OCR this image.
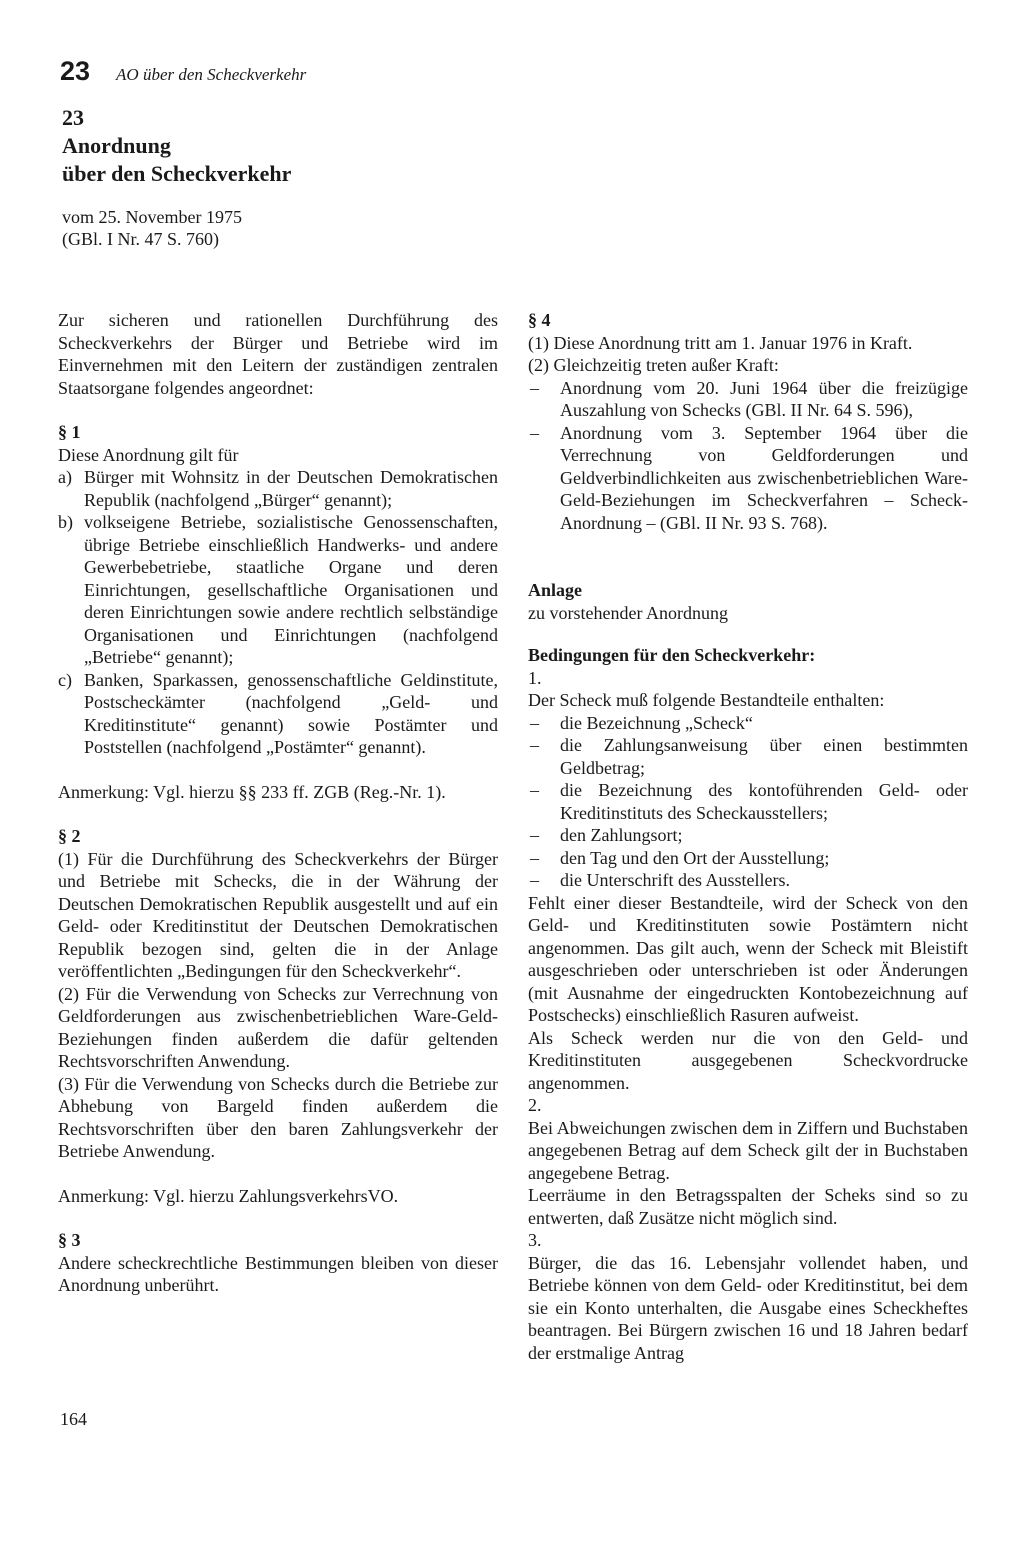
23 AO über den Scheckverkehr
23
Anordnung
über den Scheckverkehr
vom 25. November 1975
(GBl. I Nr. 47 S. 760)

Zur sicheren und rationellen Durchführung des Scheckverkehrs der Bürger und Betriebe wird im Einvernehmen mit den Leitern der zuständigen zentralen Staatsorgane folgendes angeordnet:

§ 1

Diese Anordnung gilt für

a) Bürger mit Wohnsitz in der Deutschen Demokratischen Republik (nachfolgend „Bürger“ genannt);
b) volkseigene Betriebe, sozialistische Genossenschaften, übrige Betriebe einschließlich Handwerks- und andere Gewerbebetriebe, staatliche Organe und deren Einrichtungen, gesellschaftliche Organisationen und deren Einrichtungen sowie andere rechtlich selbständige Organisationen und Einrichtungen (nachfolgend „Betriebe“ genannt);
c) Banken, Sparkassen, genossenschaftliche Geldinstitute, Postscheckämter (nachfolgend „Geld- und Kreditinstitute“ genannt) sowie Postämter und Poststellen (nachfolgend „Postämter“ genannt).

Anmerkung: Vgl. hierzu §§ 233 ff. ZGB (Reg.-Nr. 1).

§ 2

(1) Für die Durchführung des Scheckverkehrs der Bürger und Betriebe mit Schecks, die in der Währung der Deutschen Demokratischen Republik ausgestellt und auf ein Geld- oder Kreditinstitut der Deutschen Demokratischen Republik bezogen sind, gelten die in der Anlage veröffentlichten „Bedingungen für den Scheckverkehr“.

(2) Für die Verwendung von Schecks zur Verrechnung von Geldforderungen aus zwischenbetrieblichen Ware-Geld-Beziehungen finden außerdem die dafür geltenden Rechtsvorschriften Anwendung.

(3) Für die Verwendung von Schecks durch die Betriebe zur Abhebung von Bargeld finden außerdem die Rechtsvorschriften über den baren Zahlungsverkehr der Betriebe Anwendung.

Anmerkung: Vgl. hierzu ZahlungsverkehrsVO.

§ 3

Andere scheckrechtliche Bestimmungen bleiben von dieser Anordnung unberührt.

§ 4

(1) Diese Anordnung tritt am 1. Januar 1976 in Kraft.

(2) Gleichzeitig treten außer Kraft:

– Anordnung vom 20. Juni 1964 über die freizügige Auszahlung von Schecks (GBl. II Nr. 64 S. 596),
– Anordnung vom 3. September 1964 über die Verrechnung von Geldforderungen und Geldverbindlichkeiten aus zwischenbetrieblichen Ware-Geld-Beziehungen im Scheckverfahren – Scheck-Anordnung – (GBl. II Nr. 93 S. 768).

Anlage

zu vorstehender Anordnung

Bedingungen für den Scheckverkehr:

1.

Der Scheck muß folgende Bestandteile enthalten:

– die Bezeichnung „Scheck“
– die Zahlungsanweisung über einen bestimmten Geldbetrag;
– die Bezeichnung des kontoführenden Geld- oder Kreditinstituts des Scheckausstellers;
– den Zahlungsort;
– den Tag und den Ort der Ausstellung;
– die Unterschrift des Ausstellers.

Fehlt einer dieser Bestandteile, wird der Scheck von den Geld- und Kreditinstituten sowie Postämtern nicht angenommen. Das gilt auch, wenn der Scheck mit Bleistift ausgeschrieben oder unterschrieben ist oder Änderungen (mit Ausnahme der eingedruckten Kontobezeichnung auf Postschecks) einschließlich Rasuren aufweist.

Als Scheck werden nur die von den Geld- und Kreditinstituten ausgegebenen Scheckvordrucke angenommen.

2.

Bei Abweichungen zwischen dem in Ziffern und Buchstaben angegebenen Betrag auf dem Scheck gilt der in Buchstaben angegebene Betrag.

Leerräume in den Betragsspalten der Scheks sind so zu entwerten, daß Zusätze nicht möglich sind.

3.

Bürger, die das 16. Lebensjahr vollendet haben, und Betriebe können von dem Geld- oder Kreditinstitut, bei dem sie ein Konto unterhalten, die Ausgabe eines Scheckheftes beantragen. Bei Bürgern zwischen 16 und 18 Jahren bedarf der erstmalige Antrag

164
